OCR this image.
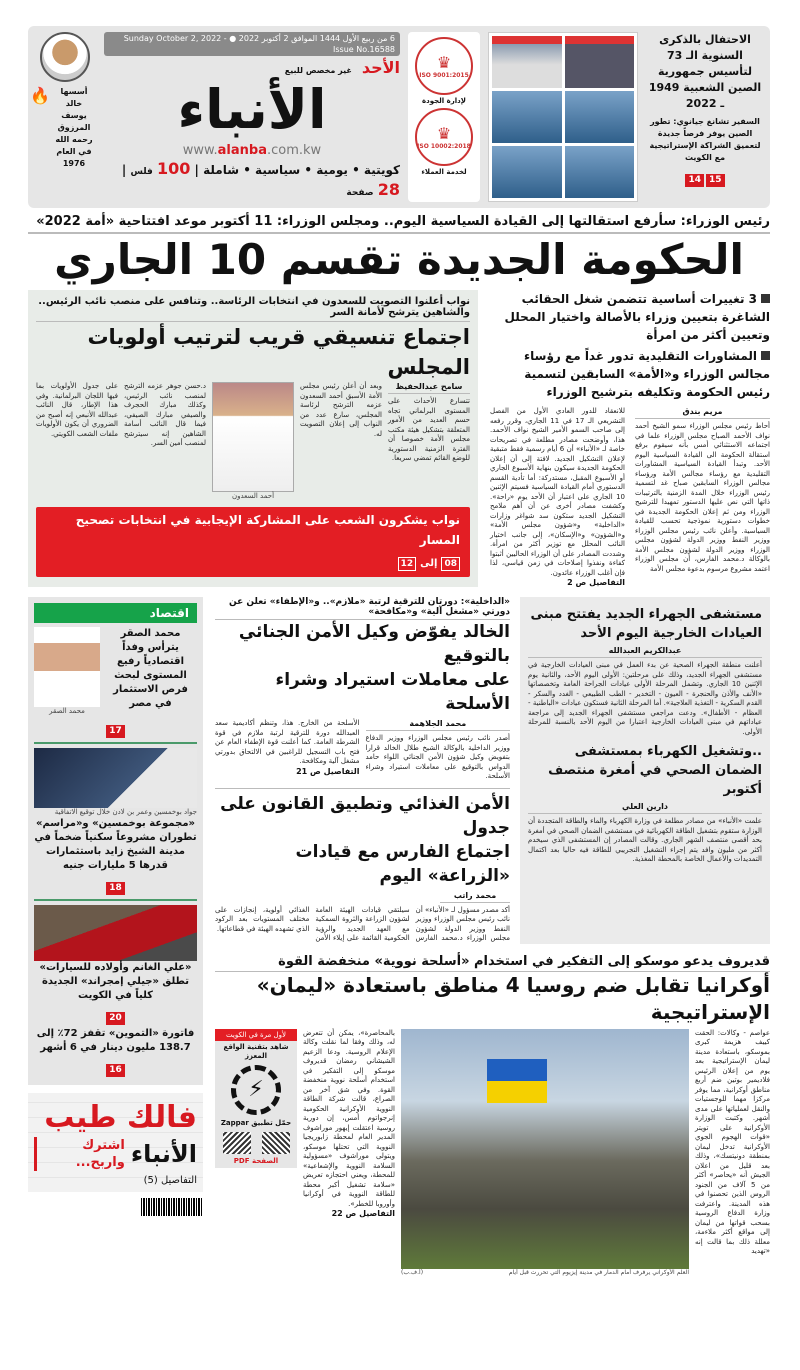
الاحتفال بالذكرى السنوية الـ 73 لتأسيس جمهورية الصين الشعبية 1949 ـ 2022

السفير تشانغ جيانوي: تطور الصين يوفر فرصاً جديدة لتعميق الشراكة الإستراتيجية مع الكويت

1514
♛
ISO 9001:2015
لإدارة الجودة
♛
ISO 10002:2018
لخدمة العملاء
6 من ربيع الأول 1444 الموافق 2 أكتوبر 2022 ● Sunday October 2, 2022 - Issue No.16588
الأحد
غير مخصص للبيع
الأنباء
www.alanba.com.kw
كويتية • يومية • سياسية • شاملة | 100 فلس | 28 صفحة
أسسها خالد يوسف المرزوق رحمه الله في العام 1976
🔥
رئيس الوزراء: سأرفع استقالتها إلى القيادة السياسية اليوم.. ومجلس الوزراء: 11 أكتوبر موعد افتتاحية «أمة 2022»
الحكومة الجديدة تقسم 10 الجاري
3 تغييرات أساسية تتضمن شغل الحقائب الشاغرة بتعيين وزراء بالأصالة واختيار المحلل وتعيين أكثر من امرأة
المشاورات التقليدية تدور غداً مع رؤساء مجالس الوزراء و«الأمة» السابقين لتسمية رئيس الحكومة وتكليفه بترشيح الوزراء
مريم بندق
أحاط رئيس مجلس الوزراء سمو الشيخ أحمد نواف الأحمد الصباح مجلس الوزراء علما في اجتماعه الاستثنائي أمس بأنه سيقوم برفع استقالة الحكومة الى القيادة السياسية اليوم الأحد. وتبدأ القيادة السياسية المشاورات التقليدية مع رؤساء مجالس الأمة ورؤساء مجالس الوزراء السابقين صباح غد لتسمية رئيس الوزراء خلال المدة الزمنية بالترتيبات ذاتها التي نص عليها الدستور تمهيدا للترشيح الوزراء ومن ثم إعلان الحكومة الجديدة في خطوات دستورية نموذجية تحسب للقيادة السياسية. وأعلن نائب رئيس مجلس الوزراء ووزير النفط ووزير الدولة لشؤون مجلس الوزراء ووزير الدولة لشؤون مجلس الأمة بالوكالة د.محمد الفارس، أن مجلس الوزراء اعتمد مشروع مرسوم بدعوة مجلس الأمة
للانعقاد للدور العادي الأول من الفصل التشريعي الـ 17 في 11 الجاري، وقرر رفعه إلى صاحب السمو الأمير الشيخ نواف الأحمد. هذا، وأوضحت مصادر مطلعة في تصريحات خاصة لـ «الأنباء» أن 6 أيام رسمية فقط متبقية لإعلان التشكيل الجديد. لافتة إلى أن إعلان الحكومة الجديدة سيكون بنهاية الأسبوع الجاري أو الأسبوع المقبل، مستدركة: أما تأدية القسم الدستوري أمام القيادة السياسية فسيتم الإثنين 10 الجاري على اعتبار أن الأحد يوم «راحة». وكشفت مصادر أخرى عن أن أهم ملامح التشكيل الجديد ستكون سد شواغر وزارات «الداخلية» و«شؤون مجلس الأمة» و«الشؤون» و«الإسكان»، إلى جانب اختيار النائب المحلل مع توزير أكثر من امرأة. وشددت المصادر على أن الوزراء الحاليين أثبتوا كفاءة ونفذوا إصلاحات في زمن قياسي، لذا فإن أغلب الوزراء عائدون.
التفاصيل ص 2
نواب أعلنوا التصويت للسعدون في انتخابات الرئاسة.. وتنافس على منصب نائب الرئيس.. والشاهين يترشح لأمانة السر
اجتماع تنسيقي قريب لترتيب أولويات المجلس
سامح عبدالحفيظ
تتسارع الأحداث على المستوى البرلماني تجاه حسم العديد من الأمور المتعلقة بتشكيل هيئة مكتب مجلس الأمة خصوصا أن الفترة الزمنية الدستورية للوضع القائم تمضي سريعا.
وبعد أن أعلن رئيس مجلس الأمة الأسبق أحمد السعدون عزمه الترشح لرئاسة المجلس، سارع عدد من النواب إلى إعلان التصويت له.
أحمد السعدون
د.حسن جوهر عزمه الترشح لمنصب نائب الرئيس، وكذلك مبارك الحجرف والصيفي مبارك الصيفي، فيما قال النائب أسامة الشاهين إنه سيترشح لمنصب أمين السر.
على جدول الأولويات بما فيها اللجان البرلمانية. وفي هذا الإطار، قال النائب عبدالله الأنبعي إنه أصبح من الضروري أن يكون الأولويات ملفات الشعب الكويتي.
نواب يشكرون الشعب على المشاركة الإيجابية في انتخابات تصحيح المسار
08
إلى
12
مستشفى الجهراء الجديد يفتتح مبنى العيادات الخارجية اليوم الأحد
عبدالكريم العبدالله
أعلنت منطقة الجهراء الصحية عن بدء العمل في مبنى العيادات الخارجية في مستشفى الجهراء الجديد، وذلك على مرحلتين: الأولى اليوم الأحد، والثانية يوم الإثنين 10 الجاري. وتشمل المرحلة الأولى عيادات الجراحة العامة وتخصصاتها «الأنف والأذن والحنجرة - العيون - التخدير - الطب الطبيعي - الغدد والسكر - القدم السكرية - التغذية العلاجية». أما المرحلة الثانية فستكون عيادات «الباطنية - العظام - الأطفال». ودعت مراجعي مستشفى الجهراء الجديد إلى مراجعة عياداتهم في مبنى العيادات الخارجية اعتبارا من اليوم الأحد بالنسبة للمرحلة الأولى.
..وتشغيل الكهرباء بمستشفى الضمان الصحي في أمغرة منتصف أكتوبر
دارين العلي
علمت «الأنباء» من مصادر مطلعة في وزارة الكهرباء والماء والطاقة المتجددة أن الوزارة ستقوم بتشغيل الطاقة الكهربائية في مستشفى الضمان الصحي في أمغرة بحد أقصى منتصف الشهر الجاري. وقالت المصادر إن المستشفى الذي سيخدم أكثر من مليون وافد يتم إجراء التشغيل التجريبي للطاقة فيه حاليا بعد اكتمال التمديدات والأعمال الخاصة بالمحطة المغذية.
«الداخلية»: دورتان للترقية لرتبة «ملازم».. و«الإطفاء» تعلن عن دورتي «مشغل آلية» و«مكافحة»
الخالد يفوّض وكيل الأمن الجنائي بالتوقيع
على معاملات استيراد وشراء الأسلحة
محمد الجلاهمة
أصدر نائب رئيس مجلس الوزراء ووزير الدفاع ووزير الداخلية بالوكالة الشيخ طلال الخالد قرارا بتفويض وكيل شؤون الأمن الجنائي اللواء حامد الدواس بالتوقيع على معاملات استيراد وشراء الأسلحة.
الأسلحة من الخارج. هذا، وتنظم أكاديمية سعد العبدالله دورة للترقية لرتبة ملازم في قوة الشرطة العامة. كما أعلنت قوة الإطفاء العام عن فتح باب التسجيل للراغبين في الالتحاق بدورتي مشغل آلية ومكافحة.
التفاصيل ص 21
الأمن الغذائي وتطبيق القانون على جدول
اجتماع الفارس مع قيادات «الزراعة» اليوم
محمد راتب
أكد مصدر مسؤول لـ «الأنباء» أن نائب رئيس مجلس الوزراء ووزير النفط ووزير الدولة لشؤون مجلس الوزراء د.محمد الفارس سيلتقي قيادات الهيئة العامة لشؤون الزراعة والثروة السمكية مع العهد الجديد والرؤية الحكومية القائمة على إيلاء الأمن الغذائي أولوية، إنجازات على مختلف المستويات بعد الركود الذي تشهده الهيئة في قطاعاتها.
ﻗﺪﻳﺮوف ﻳﺪﻋﻮ موسكو إلى التفكير في استخدام «أسلحة نووية» منخفضة القوة
أوكرانيا تقابل ضم روسيا 4 مناطق باستعادة «ليمان» الإستراتيجية
عواصم - وكالات: الحقت كييف هزيمة كبرى بموسكو، باستعادة مدينة ليمان الإستراتيجية بعد يوم من إعلان الرئيس فلاديمير بوتين ضم أربع مناطق أوكرانية، مما يوفر مركزا مهما للوجستيات والنقل لعملياتها على مدى أشهر. وكتبت الوزارة الأوكرانية على تويتر «قوات الهجوم الجوي الأوكرانية تدخل ليمان بمنطقة دونيتسك»، وذلك بعد قليل من اعلان الجيش أنه «يحاصر» أكثر من 5 آلاف من الجنود الروس الذين تحصنوا في هذه المدينة. واعترفت وزارة الدفاع الروسية بسحب قواتها من ليمان إلى مواقع أكثر ملاءمة، معللة ذلك بما قالت إنه «تهديد
العلم الأوكراني يرفرف أمام الدمار في مدينة إيزيوم التي تحررت قبل أيام
(أ.ف.ب)
بالمحاصرة»، يمكن أن تتعرض له، وذلك وفقا لما نقلت وكالة الإعلام الروسية. ودعا الزعيم الشيشاني رمضان قديروف موسكو إلى التفكير في استخدام أسلحة نووية منخفضة القوة. وفي شق آخر من الصراع، قالت شركة الطاقة النووية الأوكرانية الحكومية إنرجواتوم أمس، إن دورية روسية اعتقلت إيهور موراشوف المدير العام لمحطة زابوريجيا النووية التي تحتلها موسكو، ويتولى موراشوف «مسؤولية السلامة النووية والإشعاعية» للمحطة، ويعني احتجازه تعريض «سلامة تشغيل أكبر محطة للطاقة النووية في أوكرانيا وأوروبا للخطر».
التفاصيل ص 22
لأول مرة في الكويت
شاهد بتقنية الواقع المعزز
⚡
حمّل تطبيق Zappar
الصفحة PDF
اقتصاد
محمد الصقر يترأس وفداً اقتصادياً رفيع المستوى لبحث فرص الاستثمار في مصر
محمد الصقر
17
جواد بوخمسين وعمر بن لادن خلال توقيع الاتفاقية
«مجموعة بوخمسين» و«مراسم» تطوران مشروعاً سكنياً ضخماً في مدينة الشيخ زايد باستثمارات قدرها 5 مليارات جنيه
18
«علي الغانم وأولاده للسيارات» تطلق «جيلي إمجراند» الجديدة كلياً في الكويت
20
فاتورة «التموين» تقفز 72٪ إلى 138.7 مليون دينار في 6 أشهر
16
فالك طيب
الأنباء
اشترك واربح...
التفاصيل (5)
